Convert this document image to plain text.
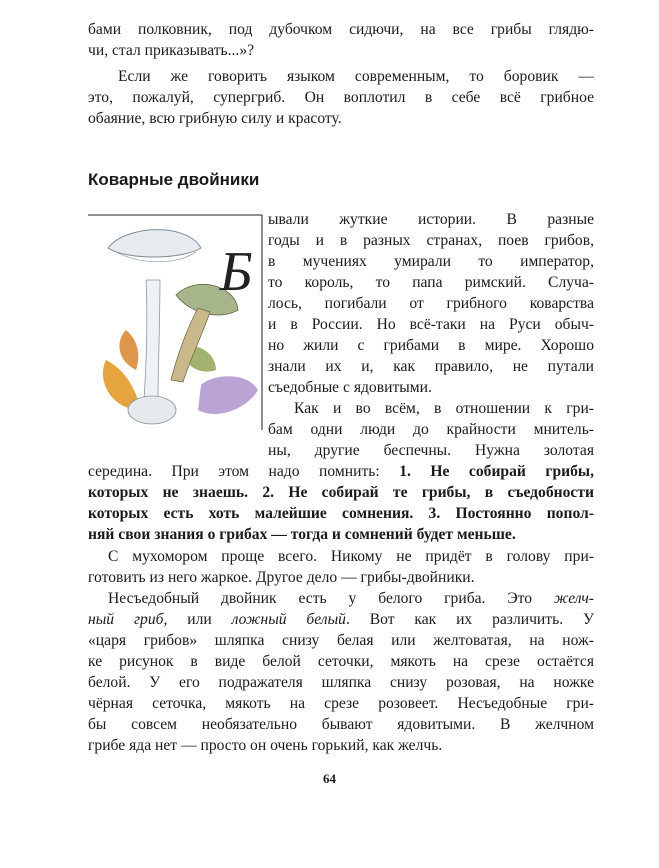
бами полковник, под дубочком сидючи, на все грибы глядю-
чи, стал приказывать...»?
Если же говорить языком современным, то боровик —
это, пожалуй, супергриб. Он воплотил в себе всё грибное
обаяние, всю грибную силу и красоту.
Коварные двойники
Б
ывали жуткие истории. В разные
годы и в разных странах, поев грибов,
в мучениях умирали то император,
то король, то папа римский. Случа-
лось, погибали от грибного коварства
и в России. Но всё-таки на Руси обыч-
но жили с грибами в мире. Хорошо
знали их и, как правило, не путали
съедобные с ядовитыми.
Как и во всём, в отношении к гри-
бам одни люди до крайности мнитель-
ны, другие беспечны. Нужна золотая
середина. При этом надо помнить: 1. Не собирай грибы,
которых не знаешь. 2. Не собирай те грибы, в съедобности
которых есть хоть малейшие сомнения. 3. Постоянно попол-
няй свои знания о грибах — тогда и сомнений будет меньше.
С мухомором проще всего. Никому не придёт в голову при-
готовить из него жаркое. Другое дело — грибы-двойники.
Несъедобный двойник есть у белого гриба. Это желч-
ный гриб, или ложный белый. Вот как их различить. У
«царя грибов» шляпка снизу белая или желтоватая, на нож-
ке рисунок в виде белой сеточки, мякоть на срезе остаётся
белой. У его подражателя шляпка снизу розовая, на ножке
чёрная сеточка, мякоть на срезе розовеет. Несъедобные гри-
бы совсем необязательно бывают ядовитыми. В желчном
грибе яда нет — просто он очень горький, как желчь.
64
